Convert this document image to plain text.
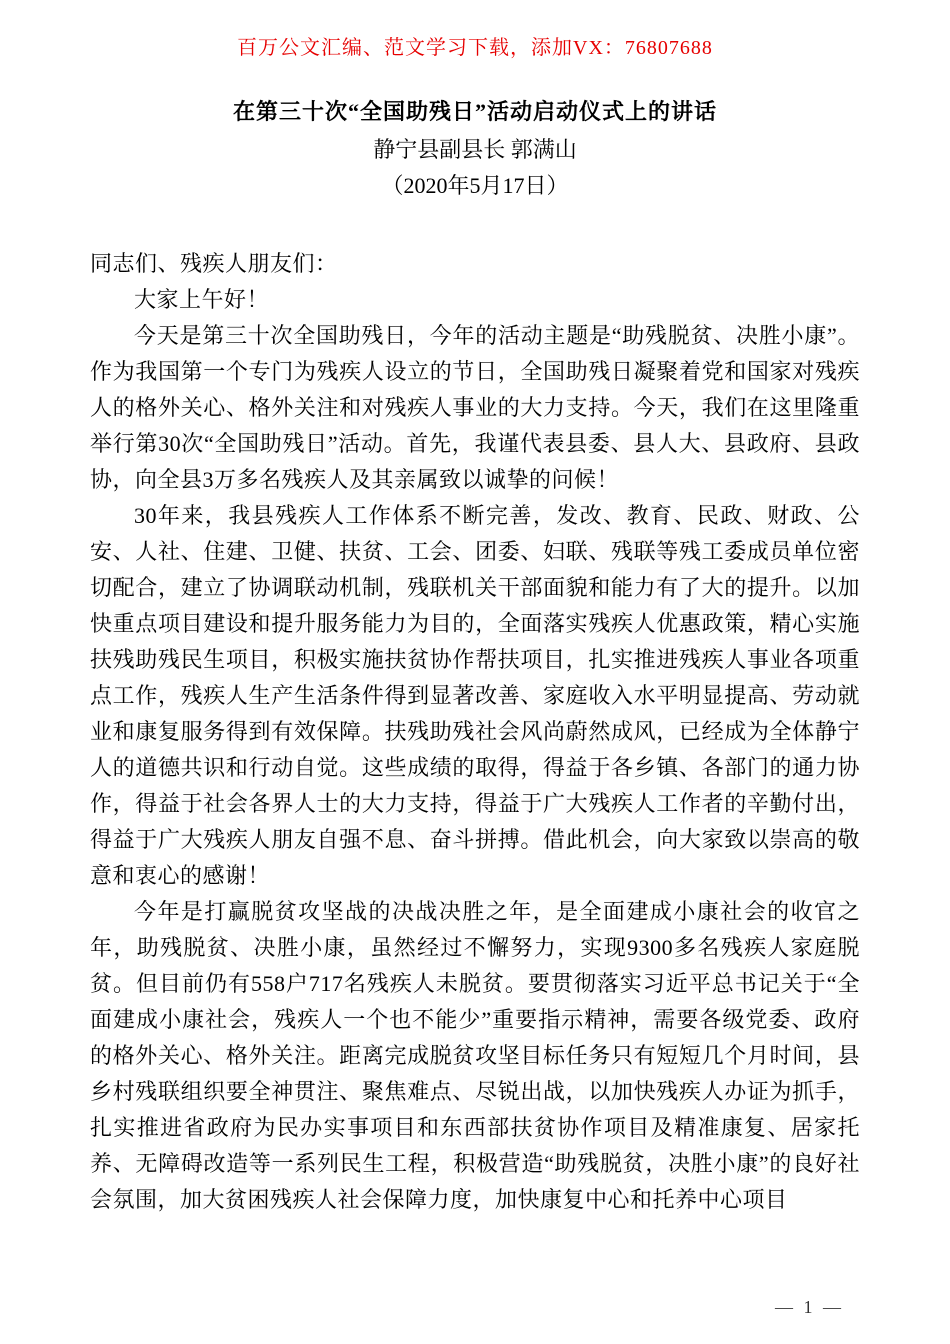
百万公文汇编、范文学习下载，添加VX：76807688
在第三十次“全国助残日”活动启动仪式上的讲话
静宁县副县长 郭满山
（2020年5月17日）

同志们、残疾人朋友们：

大家上午好！

今天是第三十次全国助残日，今年的活动主题是“助残脱贫、决胜小康”。作为我国第一个专门为残疾人设立的节日，全国助残日凝聚着党和国家对残疾人的格外关心、格外关注和对残疾人事业的大力支持。今天，我们在这里隆重举行第30次“全国助残日”活动。首先，我谨代表县委、县人大、县政府、县政协，向全县3万多名残疾人及其亲属致以诚挚的问候！

30年来，我县残疾人工作体系不断完善，发改、教育、民政、财政、公安、人社、住建、卫健、扶贫、工会、团委、妇联、残联等残工委成员单位密切配合，建立了协调联动机制，残联机关干部面貌和能力有了大的提升。以加快重点项目建设和提升服务能力为目的，全面落实残疾人优惠政策，精心实施扶残助残民生项目，积极实施扶贫协作帮扶项目，扎实推进残疾人事业各项重点工作，残疾人生产生活条件得到显著改善、家庭收入水平明显提高、劳动就业和康复服务得到有效保障。扶残助残社会风尚蔚然成风，已经成为全体静宁人的道德共识和行动自觉。这些成绩的取得，得益于各乡镇、各部门的通力协作，得益于社会各界人士的大力支持，得益于广大残疾人工作者的辛勤付出，得益于广大残疾人朋友自强不息、奋斗拼搏。借此机会，向大家致以崇高的敬意和衷心的感谢！

今年是打赢脱贫攻坚战的决战决胜之年，是全面建成小康社会的收官之年，助残脱贫、决胜小康，虽然经过不懈努力，实现9300多名残疾人家庭脱贫。但目前仍有558户717名残疾人未脱贫。要贯彻落实习近平总书记关于“全面建成小康社会，残疾人一个也不能少”重要指示精神，需要各级党委、政府的格外关心、格外关注。距离完成脱贫攻坚目标任务只有短短几个月时间，县乡村残联组织要全神贯注、聚焦难点、尽锐出战，以加快残疾人办证为抓手，扎实推进省政府为民办实事项目和东西部扶贫协作项目及精准康复、居家托养、无障碍改造等一系列民生工程，积极营造“助残脱贫，决胜小康”的良好社会氛围，加大贫困残疾人社会保障力度，加快康复中心和托养中心项目

— 1 —
